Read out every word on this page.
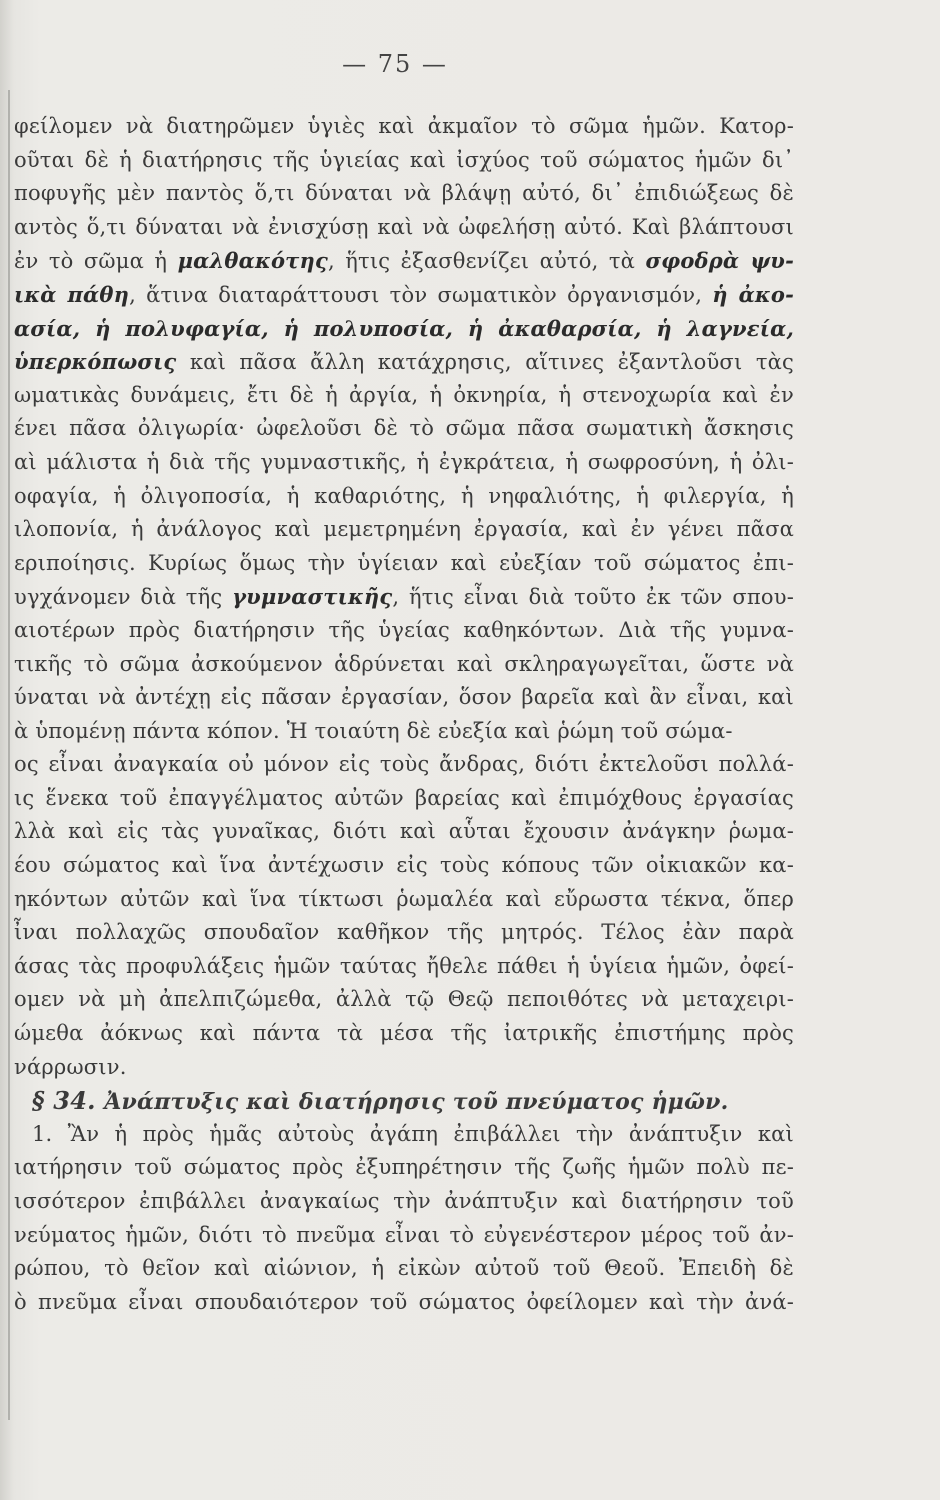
— 75 —
φείλομεν νὰ διατηρῶμεν ὑγιὲς καὶ ἀκμαῖον τὸ σῶμα ἡμῶν. Κατορ-
οῦται δὲ ἡ διατήρησις τῆς ὑγιείας καὶ ἰσχύος τοῦ σώματος ἡμῶν δι᾿
ποφυγῆς μὲν παντὸς ὅ,τι δύναται νὰ βλάψῃ αὐτό, δι᾿ ἐπιδιώξεως δὲ
αντὸς ὅ,τι δύναται νὰ ἐνισχύσῃ καὶ νὰ ὠφελήσῃ αὐτό. Καὶ βλάπτουσι
ἐν τὸ σῶμα ἡ μαλθακότης, ἥτις ἐξασθενίζει αὐτό, τὰ σφοδρὰ ψυ-
ικὰ πάθη, ἅτινα διαταράττουσι τὸν σωματικὸν ὀργανισμόν, ἡ ἀκο-
ασία, ἡ πολυφαγία, ἡ πολυποσία, ἡ ἀκαθαρσία, ἡ λαγνεία,
ὑπερκόπωσις καὶ πᾶσα ἄλλη κατάχρησις, αἵτινες ἐξαντλοῦσι τὰς
ωματικὰς δυνάμεις, ἔτι δὲ ἡ ἀργία, ἡ ὀκνηρία, ἡ στενοχωρία καὶ ἐν
ένει πᾶσα ὀλιγωρία· ὠφελοῦσι δὲ τὸ σῶμα πᾶσα σωματικὴ ἄσκησις
αὶ μάλιστα ἡ διὰ τῆς γυμναστικῆς, ἡ ἐγκράτεια, ἡ σωφροσύνη, ἡ ὀλι-
οφαγία, ἡ ὀλιγοποσία, ἡ καθαριότης, ἡ νηφαλιότης, ἡ φιλεργία, ἡ
ιλοπονία, ἡ ἀνάλογος καὶ μεμετρημένη ἐργασία, καὶ ἐν γένει πᾶσα
εριποίησις. Κυρίως ὅμως τὴν ὑγίειαν καὶ εὐεξίαν τοῦ σώματος ἐπι-
υγχάνομεν διὰ τῆς γυμναστικῆς, ἥτις εἶναι διὰ τοῦτο ἐκ τῶν σπου-
αιοτέρων πρὸς διατήρησιν τῆς ὑγείας καθηκόντων. Διὰ τῆς γυμνα-
τικῆς τὸ σῶμα ἀσκούμενον ἁδρύνεται καὶ σκληραγωγεῖται, ὥστε νὰ
ύναται νὰ ἀντέχῃ εἰς πᾶσαν ἐργασίαν, ὅσον βαρεῖα καὶ ἂν εἶναι, καὶ
ὰ ὑπομένῃ πάντα κόπον. Ἡ τοιαύτη δὲ εὐεξία καὶ ῥώμη τοῦ σώμα-
ος εἶναι ἀναγκαία οὐ μόνον εἰς τοὺς ἄνδρας, διότι ἐκτελοῦσι πολλά-
ις ἕνεκα τοῦ ἐπαγγέλματος αὐτῶν βαρείας καὶ ἐπιμόχθους ἐργασίας
λλὰ καὶ εἰς τὰς γυναῖκας, διότι καὶ αὗται ἔχουσιν ἀνάγκην ῥωμα-
έου σώματος καὶ ἵνα ἀντέχωσιν εἰς τοὺς κόπους τῶν οἰκιακῶν κα-
ηκόντων αὐτῶν καὶ ἵνα τίκτωσι ῥωμαλέα καὶ εὔρωστα τέκνα, ὅπερ
ἶναι πολλαχῶς σπουδαῖον καθῆκον τῆς μητρός. Τέλος ἐὰν παρὰ
άσας τὰς προφυλάξεις ἡμῶν ταύτας ἤθελε πάθει ἡ ὑγίεια ἡμῶν, ὀφεί-
ομεν νὰ μὴ ἀπελπιζώμεθα, ἀλλὰ τῷ Θεῷ πεποιθότες νὰ μεταχειρι-
ώμεθα ἀόκνως καὶ πάντα τὰ μέσα τῆς ἰατρικῆς ἐπιστήμης πρὸς
νάρρωσιν.
§ 34. Ἀνάπτυξις καὶ διατήρησις τοῦ πνεύματος ἡμῶν.
1. Ἂν ἡ πρὸς ἡμᾶς αὐτοὺς ἀγάπη ἐπιβάλλει τὴν ἀνάπτυξιν καὶ
ιατήρησιν τοῦ σώματος πρὸς ἐξυπηρέτησιν τῆς ζωῆς ἡμῶν πολὺ πε-
ισσότερον ἐπιβάλλει ἀναγκαίως τὴν ἀνάπτυξιν καὶ διατήρησιν τοῦ
νεύματος ἡμῶν, διότι τὸ πνεῦμα εἶναι τὸ εὐγενέστερον μέρος τοῦ ἀν-
ρώπου, τὸ θεῖον καὶ αἰώνιον, ἡ εἰκὼν αὐτοῦ τοῦ Θεοῦ. Ἐπειδὴ δὲ
ὸ πνεῦμα εἶναι σπουδαιότερον τοῦ σώματος ὀφείλομεν καὶ τὴν ἀνά-
